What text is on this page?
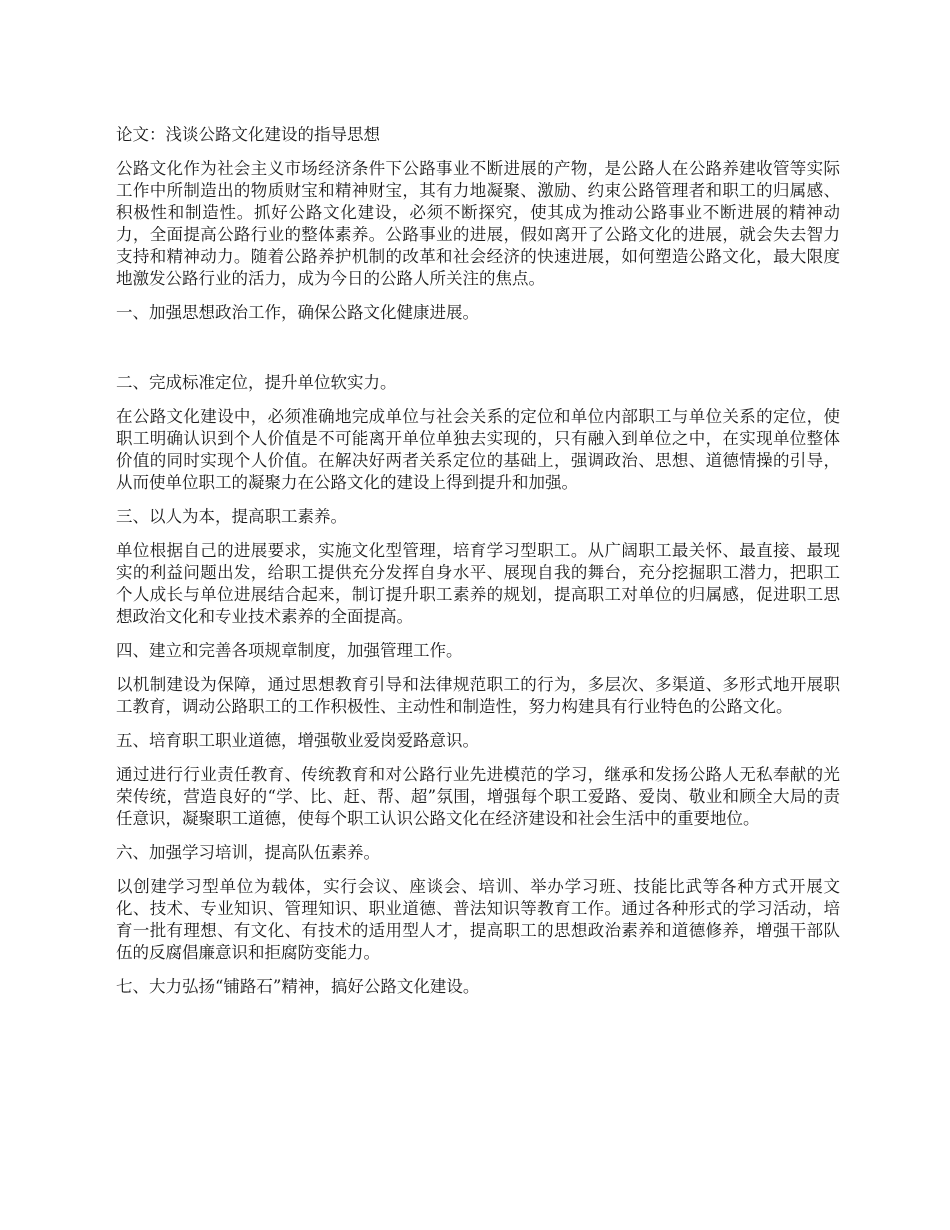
论文：浅谈公路文化建设的指导思想

公路文化作为社会主义市场经济条件下公路事业不断进展的产物，是公路人在公路养建收管等实际工作中所制造出的物质财宝和精神财宝，其有力地凝聚、激励、约束公路管理者和职工的归属感、积极性和制造性。抓好公路文化建设，必须不断探究，使其成为推动公路事业不断进展的精神动力，全面提高公路行业的整体素养。公路事业的进展，假如离开了公路文化的进展，就会失去智力支持和精神动力。随着公路养护机制的改革和社会经济的快速进展，如何塑造公路文化，最大限度地激发公路行业的活力，成为今日的公路人所关注的焦点。

一、加强思想政治工作，确保公路文化健康进展。

二、完成标准定位，提升单位软实力。

在公路文化建设中，必须准确地完成单位与社会关系的定位和单位内部职工与单位关系的定位，使职工明确认识到个人价值是不可能离开单位单独去实现的，只有融入到单位之中，在实现单位整体价值的同时实现个人价值。在解决好两者关系定位的基础上，强调政治、思想、道德情操的引导，从而使单位职工的凝聚力在公路文化的建设上得到提升和加强。

三、以人为本，提高职工素养。

单位根据自己的进展要求，实施文化型管理，培育学习型职工。从广阔职工最关怀、最直接、最现实的利益问题出发，给职工提供充分发挥自身水平、展现自我的舞台，充分挖掘职工潜力，把职工个人成长与单位进展结合起来，制订提升职工素养的规划，提高职工对单位的归属感，促进职工思想政治文化和专业技术素养的全面提高。

四、建立和完善各项规章制度，加强管理工作。

以机制建设为保障，通过思想教育引导和法律规范职工的行为，多层次、多渠道、多形式地开展职工教育，调动公路职工的工作积极性、主动性和制造性，努力构建具有行业特色的公路文化。

五、培育职工职业道德，增强敬业爱岗爱路意识。

通过进行行业责任教育、传统教育和对公路行业先进模范的学习，继承和发扬公路人无私奉献的光荣传统，营造良好的“学、比、赶、帮、超”氛围，增强每个职工爱路、爱岗、敬业和顾全大局的责任意识，凝聚职工道德，使每个职工认识公路文化在经济建设和社会生活中的重要地位。

六、加强学习培训，提高队伍素养。

以创建学习型单位为载体，实行会议、座谈会、培训、举办学习班、技能比武等各种方式开展文化、技术、专业知识、管理知识、职业道德、普法知识等教育工作。通过各种形式的学习活动，培育一批有理想、有文化、有技术的适用型人才，提高职工的思想政治素养和道德修养，增强干部队伍的反腐倡廉意识和拒腐防变能力。

七、大力弘扬“铺路石”精神，搞好公路文化建设。
